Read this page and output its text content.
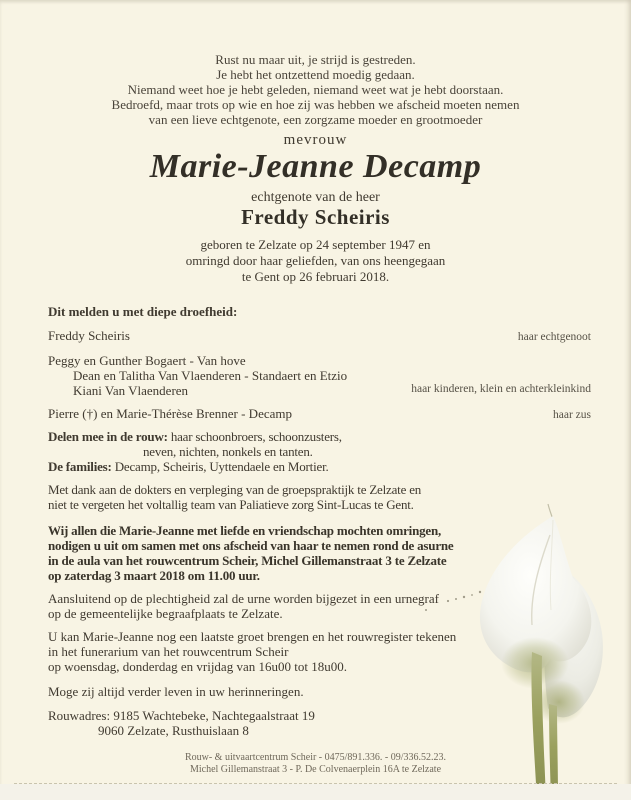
Rust nu maar uit, je strijd is gestreden.
Je hebt het ontzettend moedig gedaan.
Niemand weet hoe je hebt geleden, niemand weet wat je hebt doorstaan.
Bedroefd, maar trots op wie en hoe zij was hebben we afscheid moeten nemen
van een lieve echtgenote, een zorgzame moeder en grootmoeder
mevrouw
Marie-Jeanne Decamp
echtgenote van de heer
Freddy Scheiris
geboren te Zelzate op 24 september 1947 en
omringd door haar geliefden, van ons heengegaan
te Gent op 26 februari 2018.
Dit melden u met diepe droefheid:
Freddy Scheiris	haar echtgenoot
Peggy en Gunther Bogaert - Van hove
Dean en Talitha Van Vlaenderen - Standaert en Etzio
Kiani Van Vlaenderen	haar kinderen, klein en achterkleinkind
Pierre (†) en Marie-Thérèse Brenner - Decamp	haar zus
Delen mee in de rouw: haar schoonbroers, schoonzusters,
neven, nichten, nonkels en tanten.
De families: Decamp, Scheiris, Uyttendaele en Mortier.
Met dank aan de dokters en verpleging van de groepspraktijk te Zelzate en
niet te vergeten het voltallig team van Paliatieve zorg Sint-Lucas te Gent.
Wij allen die Marie-Jeanne met liefde en vriendschap mochten omringen,
nodigen u uit om samen met ons afscheid van haar te nemen rond de asurne
in de aula van het rouwcentrum Scheir, Michel Gillemanstraat 3 te Zelzate
op zaterdag 3 maart 2018 om 11.00 uur.
Aansluitend op de plechtigheid zal de urne worden bijgezet in een urnegraf
op de gemeentelijke begraafplaats te Zelzate.
U kan Marie-Jeanne nog een laatste groet brengen en het rouwregister tekenen
in het funerarium van het rouwcentrum Scheir
op woensdag, donderdag en vrijdag van 16u00 tot 18u00.
Moge zij altijd verder leven in uw herinneringen.
Rouwadres: 9185 Wachtebeke, Nachtegaalstraat 19
9060 Zelzate, Rusthuislaan 8
Rouw- & uitvaartcentrum Scheir - 0475/891.336. - 09/336.52.23.
Michel Gillemanstraat 3 - P. De Colvenaerplein 16A te Zelzate
